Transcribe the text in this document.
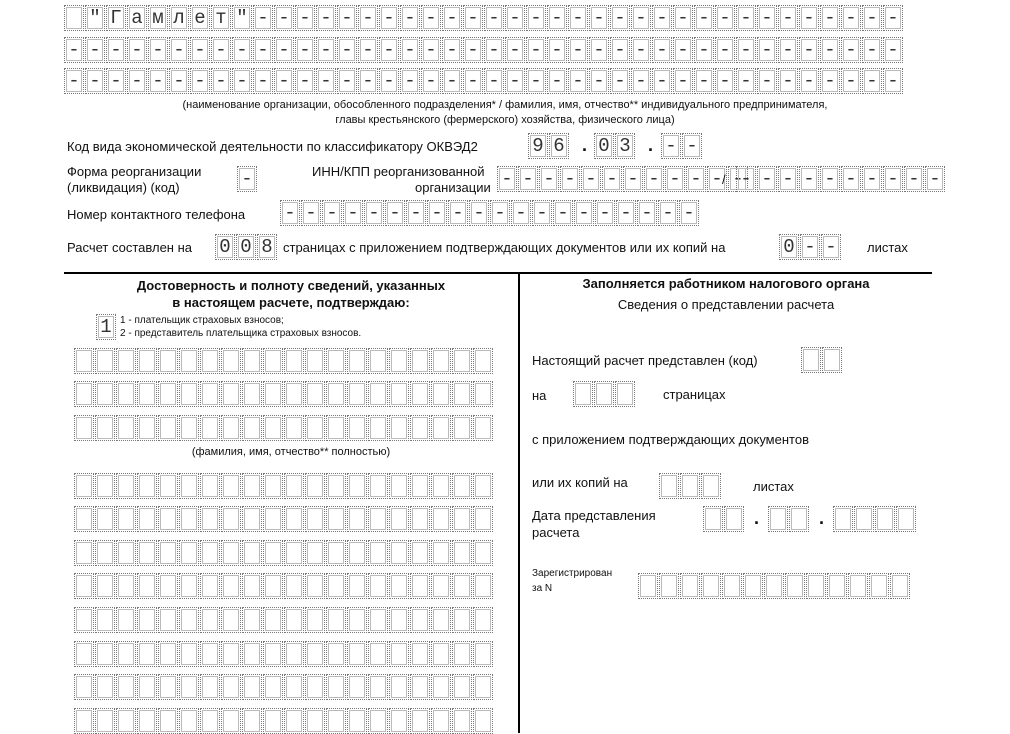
" Г а м л е т " - - - - - - - - - - - - - - - - - - - - - - - - - - - - - - -
- - - - - - - - - - - - - - - - - - - - - - - - - - - - - - - - - - - - - - - -
- - - - - - - - - - - - - - - - - - - - - - - - - - - - - - - - - - - - - - - -
(наименование организации, обособленного подразделения* / фамилия, имя, отчество** индивидуального предпринимателя,
главы крестьянского (фермерского) хозяйства, физического лица)
Код вида экономической деятельности по классификатору ОКВЭД2	9 6 . 0 3 . - -
Форма реорганизации
(ликвидация) (код)	-	ИНН/КПП реорганизованной
организации - - - - - - - - - - - -
/ - - - - - - - - - -
Номер контактного телефона - - - - - - - - - - - - - - - - - - - -
Расчет составлен на 0 0 8 страницах с приложением подтверждающих документов или их копий на	0 - -	листах
Достоверность и полноту сведений, указанных
в настоящем расчете, подтверждаю:
1 1 - плательщик страховых взносов;
2 - представитель плательщика страховых взносов.
(фамилия, имя, отчество** полностью)
Заполняется работником налогового органа
Сведения о представлении расчета
Настоящий расчет представлен (код)
на	страницах
с приложением подтверждающих документов
или их копий на	листах
Дата представления
расчета
.	.
Зарегистрирован
за N
